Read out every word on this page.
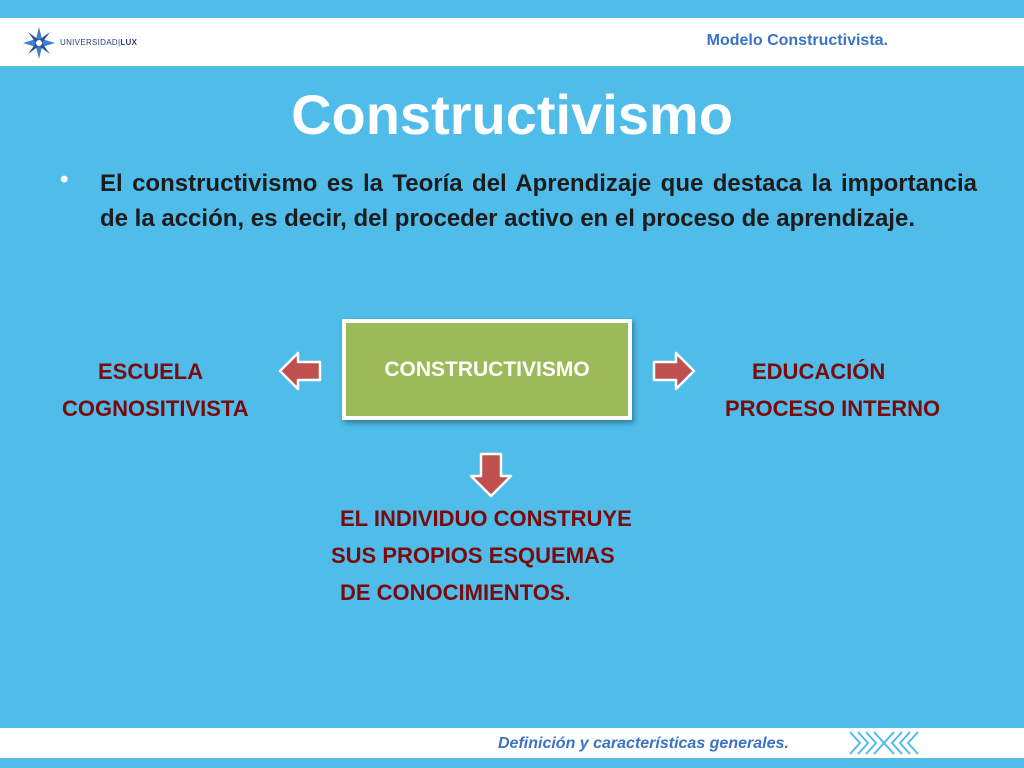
UNIVERSIDAD|LUX	Modelo Constructivista.
Constructivismo
• El constructivismo es la Teoría del Aprendizaje que destaca la importancia de la acción, es decir, del proceder activo en el proceso de aprendizaje.
CONSTRUCTIVISMO
ESCUELA
COGNOSITIVISTA
EDUCACIÓN
PROCESO INTERNO
EL INDIVIDUO CONSTRUYE
SUS PROPIOS ESQUEMAS
DE CONOCIMIENTOS.
Definición y características generales.
